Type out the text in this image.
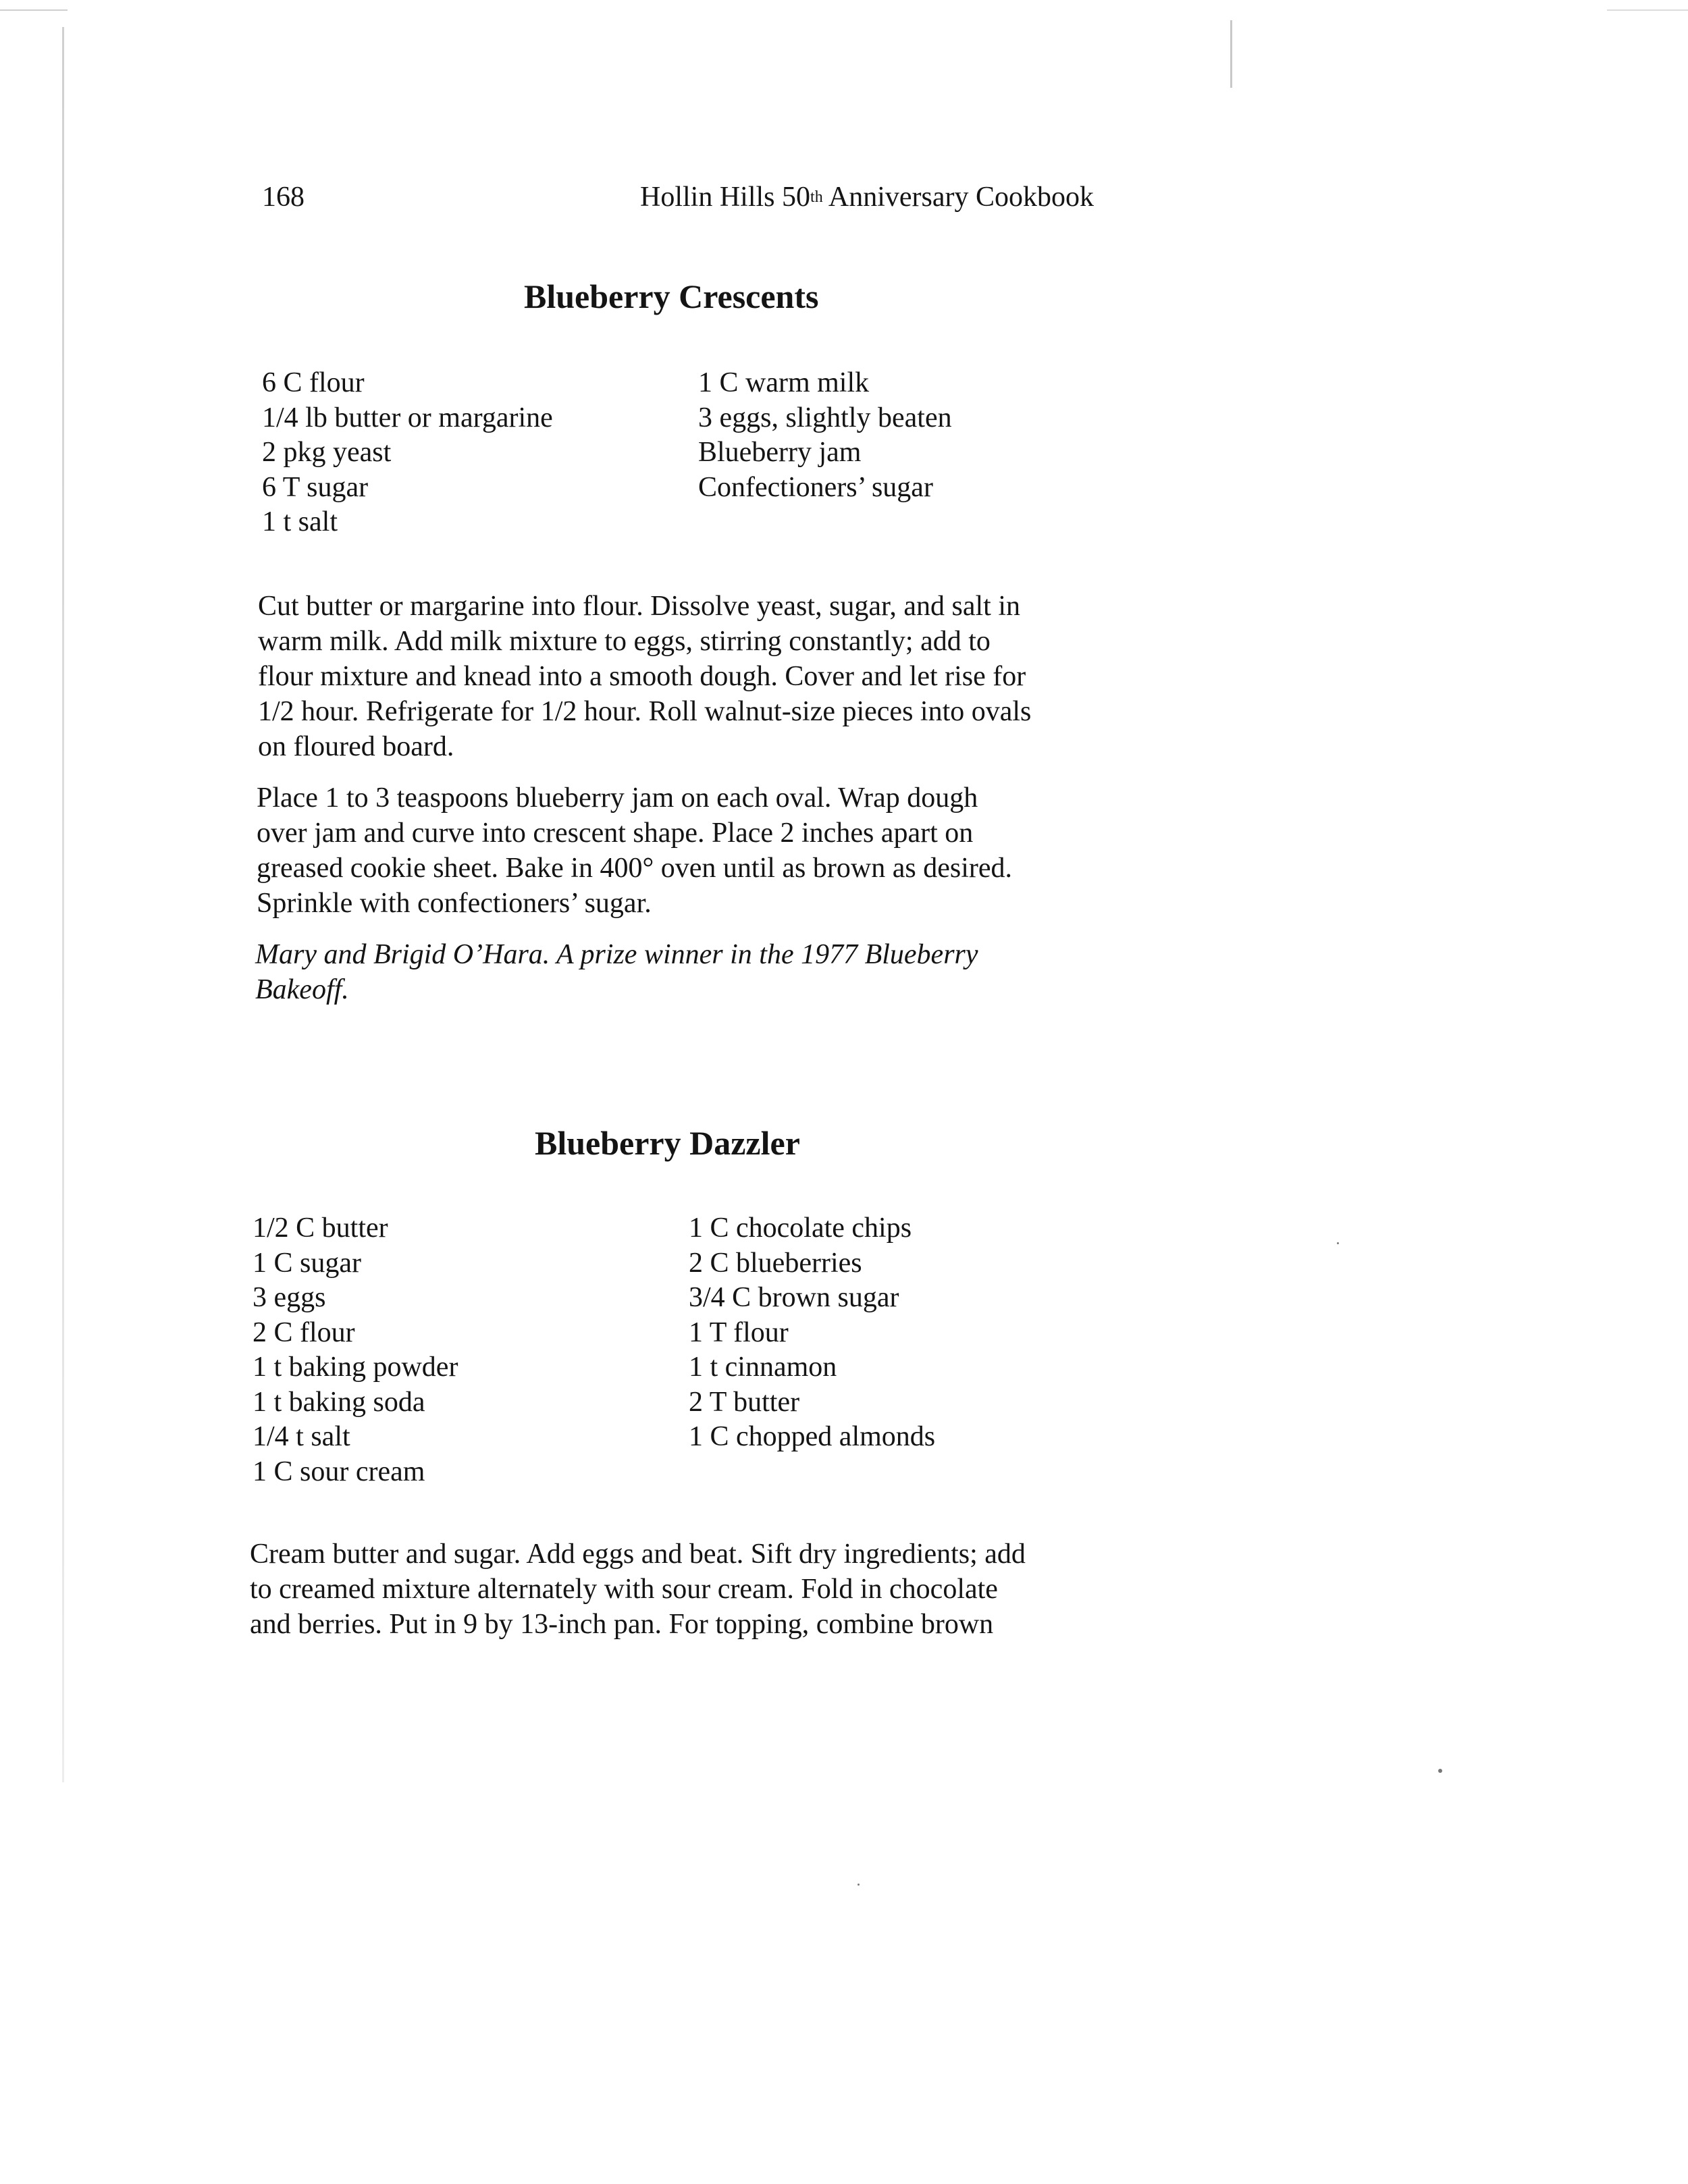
168	Hollin Hills 50th Anniversary Cookbook
Blueberry Crescents
6 C flour
1/4 lb butter or margarine
2 pkg yeast
6 T sugar
1 t salt
1 C warm milk
3 eggs, slightly beaten
Blueberry jam
Confectioners’ sugar

Cut butter or margarine into flour. Dissolve yeast, sugar, and salt in

warm milk. Add milk mixture to eggs, stirring constantly; add to

flour mixture and knead into a smooth dough. Cover and let rise for

1/2 hour. Refrigerate for 1/2 hour. Roll walnut-size pieces into ovals

on floured board.

Place 1 to 3 teaspoons blueberry jam on each oval. Wrap dough

over jam and curve into crescent shape. Place 2 inches apart on

greased cookie sheet. Bake in 400° oven until as brown as desired.

Sprinkle with confectioners’ sugar.

Mary and Brigid O’Hara. A prize winner in the 1977 Blueberry

Bakeoff.

Blueberry Dazzler
1/2 C butter
1 C sugar
3 eggs
2 C flour
1 t baking powder
1 t baking soda
1/4 t salt
1 C sour cream
1 C chocolate chips
2 C blueberries
3/4 C brown sugar
1 T flour
1 t cinnamon
2 T butter
1 C chopped almonds

Cream butter and sugar. Add eggs and beat. Sift dry ingredients; add

to creamed mixture alternately with sour cream. Fold in chocolate

and berries. Put in 9 by 13-inch pan. For topping, combine brown
